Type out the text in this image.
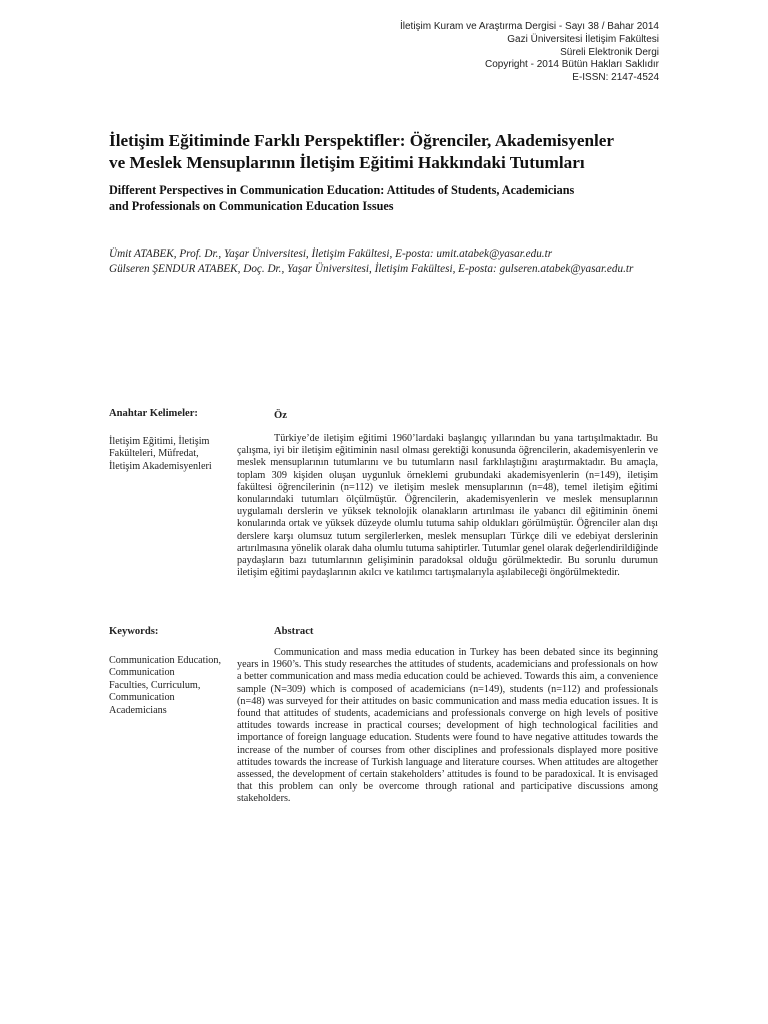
İletişim Kuram ve Araştırma Dergisi - Sayı 38 / Bahar 2014
Gazi Üniversitesi İletişim Fakültesi
Süreli Elektronik Dergi
Copyright - 2014 Bütün Hakları Saklıdır
E-ISSN: 2147-4524
İletişim Eğitiminde Farklı Perspektifler: Öğrenciler, Akademisyenler
ve Meslek Mensuplarının İletişim Eğitimi Hakkındaki Tutumları
Different Perspectives in Communication Education: Attitudes of Students, Academicians
and Professionals on Communication Education Issues
Ümit ATABEK, Prof. Dr., Yaşar Üniversitesi, İletişim Fakültesi, E-posta: umit.atabek@yasar.edu.tr
Gülseren ŞENDUR ATABEK, Doç. Dr., Yaşar Üniversitesi, İletişim Fakültesi, E-posta: gulseren.atabek@yasar.edu.tr
Anahtar Kelimeler:
İletişim Eğitimi, İletişim
Fakülteleri, Müfredat,
İletişim Akademisyenleri
Öz

Türkiye’de iletişim eğitimi 1960’lardaki başlangıç yıllarından bu yana tartışılmaktadır. Bu çalışma, iyi bir iletişim eğitiminin nasıl olması gerektiği konusunda öğrencilerin, akademisyenlerin ve meslek mensuplarının tutumlarını ve bu tutumların nasıl farklılaştığını araştırmaktadır. Bu amaçla, toplam 309 kişiden oluşan uygunluk örneklemi grubundaki akademisyenlerin (n=149), iletişim fakültesi öğrencilerinin (n=112) ve iletişim meslek mensuplarının (n=48), temel iletişim eğitimi konularındaki tutumları ölçülmüştür. Öğrencilerin, akademisyenlerin ve meslek mensuplarının uygulamalı derslerin ve yüksek teknolojik olanakların artırılması ile yabancı dil eğitiminin önemi konularında ortak ve yüksek düzeyde olumlu tutuma sahip oldukları görülmüştür. Öğrenciler alan dışı derslere karşı olumsuz tutum sergilerlerken, meslek mensupları Türkçe dili ve edebiyat derslerinin artırılmasına yönelik olarak daha olumlu tutuma sahiptirler. Tutumlar genel olarak değerlendirildiğinde paydaşların bazı tutumlarının gelişiminin paradoksal olduğu görülmektedir. Bu sorunlu durumun iletişim eğitimi paydaşlarının akılcı ve katılımcı tartışmalarıyla aşılabileceği öngörülmektedir.

Keywords:
Communication Education,
Communication
Faculties, Curriculum,
Communication
Academicians
Abstract

Communication and mass media education in Turkey has been debated since its beginning years in 1960’s. This study researches the attitudes of students, academicians and professionals on how a better communication and mass media education could be achieved. Towards this aim, a convenience sample (N=309) which is composed of academicians (n=149), students (n=112) and professionals (n=48) was surveyed for their attitudes on basic communication and mass media education issues. It is found that attitudes of students, academicians and professionals converge on high levels of positive attitudes towards increase in practical courses; development of high technological facilities and importance of foreign language education. Students were found to have negative attitudes towards the increase of the number of courses from other disciplines and professionals displayed more positive attitudes towards the increase of Turkish language and literature courses. When attitudes are altogether assessed, the development of certain stakeholders’ attitudes is found to be paradoxical. It is envisaged that this problem can only be overcome through rational and participative discussions among stakeholders.
